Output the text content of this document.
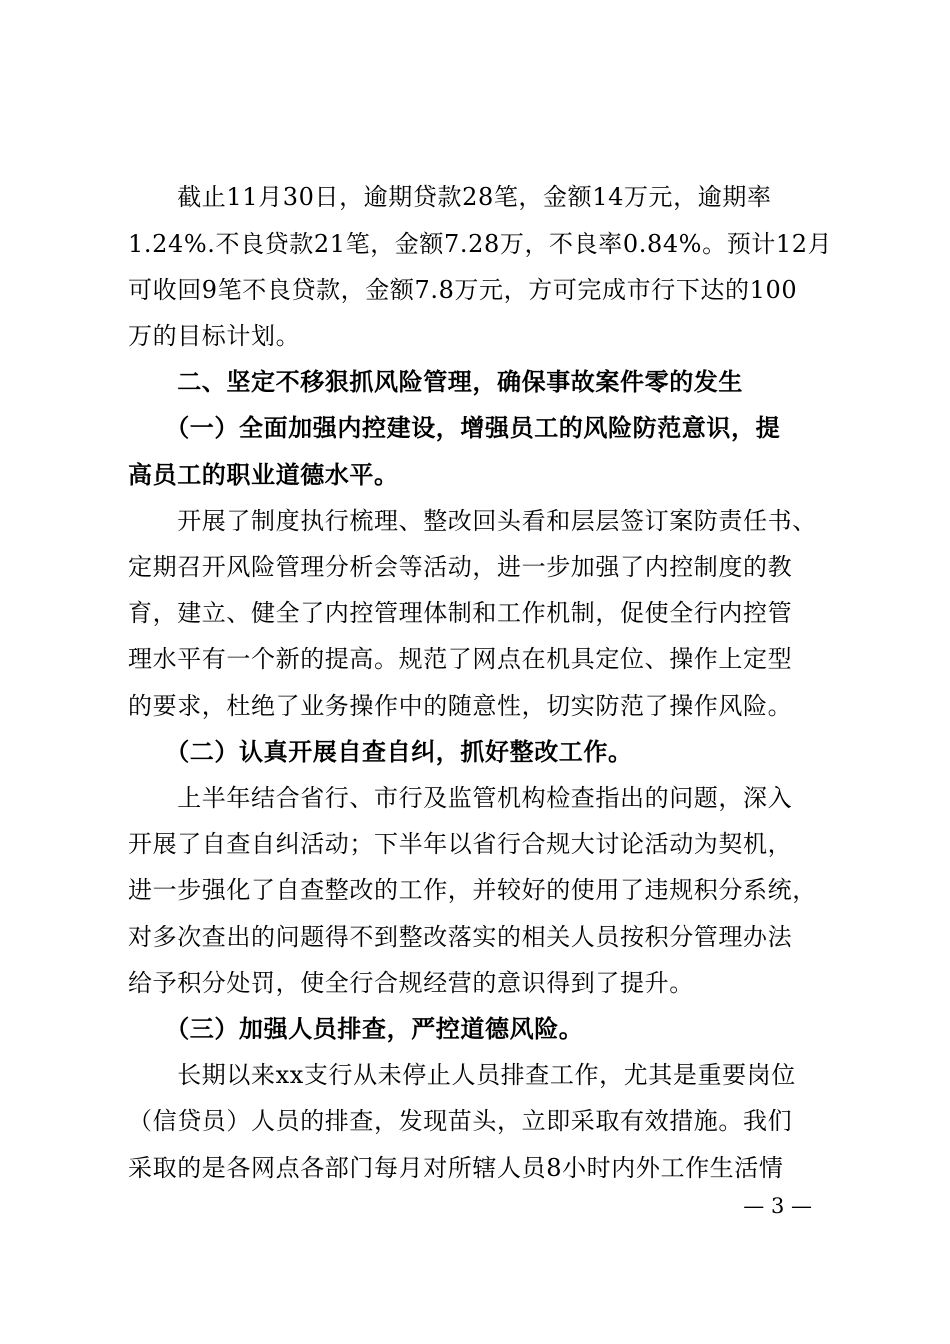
　　截止11月30日，逾期贷款28笔，金额14万元，逾期率
1.24%.不良贷款21笔，金额7.28万，不良率0.84%。预计12月
可收回9笔不良贷款，金额7.8万元，方可完成市行下达的100
万的目标计划。
　　二、坚定不移狠抓风险管理，确保事故案件零的发生
　　（一）全面加强内控建设，增强员工的风险防范意识，提
高员工的职业道德水平。
　　开展了制度执行梳理、整改回头看和层层签订案防责任书、
定期召开风险管理分析会等活动，进一步加强了内控制度的教
育，建立、健全了内控管理体制和工作机制，促使全行内控管
理水平有一个新的提高。规范了网点在机具定位、操作上定型
的要求，杜绝了业务操作中的随意性，切实防范了操作风险。
　　（二）认真开展自查自纠，抓好整改工作。
　　上半年结合省行、市行及监管机构检查指出的问题，深入
开展了自查自纠活动；下半年以省行合规大讨论活动为契机，
进一步强化了自查整改的工作，并较好的使用了违规积分系统，
对多次查出的问题得不到整改落实的相关人员按积分管理办法
给予积分处罚，使全行合规经营的意识得到了提升。
　　（三）加强人员排查，严控道德风险。
　　长期以来xx支行从未停止人员排查工作，尤其是重要岗位
（信贷员）人员的排查，发现苗头，立即采取有效措施。我们
采取的是各网点各部门每月对所辖人员8小时内外工作生活情
— 3 —
